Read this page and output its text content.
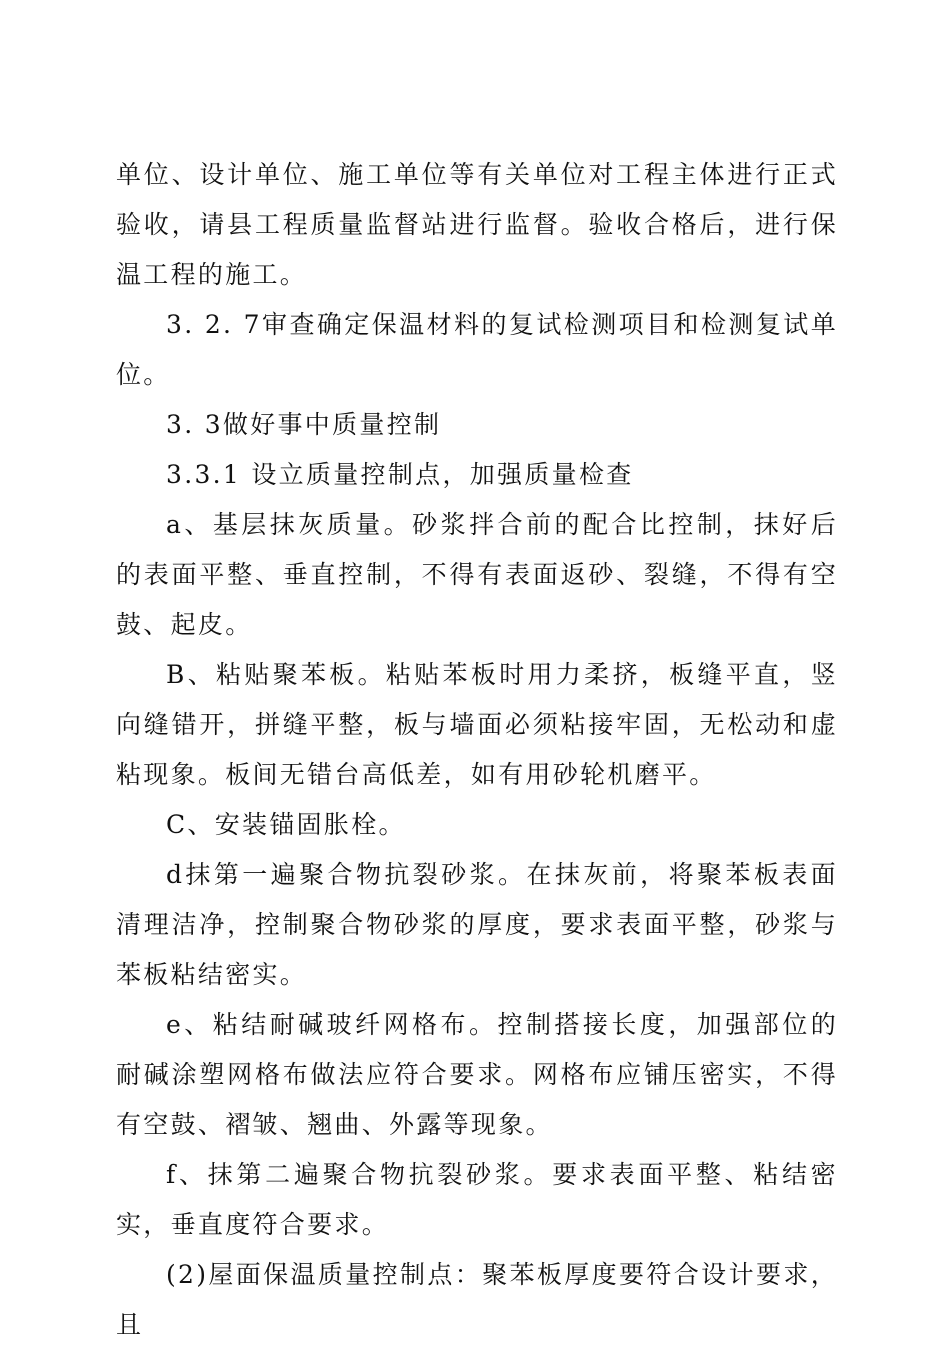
单位、设计单位、施工单位等有关单位对工程主体进行正式验收，请县工程质量监督站进行监督。验收合格后，进行保温工程的施工。

3. 2. 7审查确定保温材料的复试检测项目和检测复试单位。

3. 3做好事中质量控制

3.3.1 设立质量控制点，加强质量检查

a、基层抹灰质量。砂浆拌合前的配合比控制，抹好后的表面平整、垂直控制，不得有表面返砂、裂缝，不得有空鼓、起皮。

B、粘贴聚苯板。粘贴苯板时用力柔挤，板缝平直，竖向缝错开，拼缝平整，板与墙面必须粘接牢固，无松动和虚粘现象。板间无错台高低差，如有用砂轮机磨平。

C、安装锚固胀栓。

d抹第一遍聚合物抗裂砂浆。在抹灰前，将聚苯板表面清理洁净，控制聚合物砂浆的厚度，要求表面平整，砂浆与苯板粘结密实。

e、粘结耐碱玻纤网格布。控制搭接长度，加强部位的耐碱涂塑网格布做法应符合要求。网格布应铺压密实，不得有空鼓、褶皱、翘曲、外露等现象。

f、抹第二遍聚合物抗裂砂浆。要求表面平整、粘结密实，垂直度符合要求。

(2)屋面保温质量控制点：聚苯板厚度要符合设计要求，且
